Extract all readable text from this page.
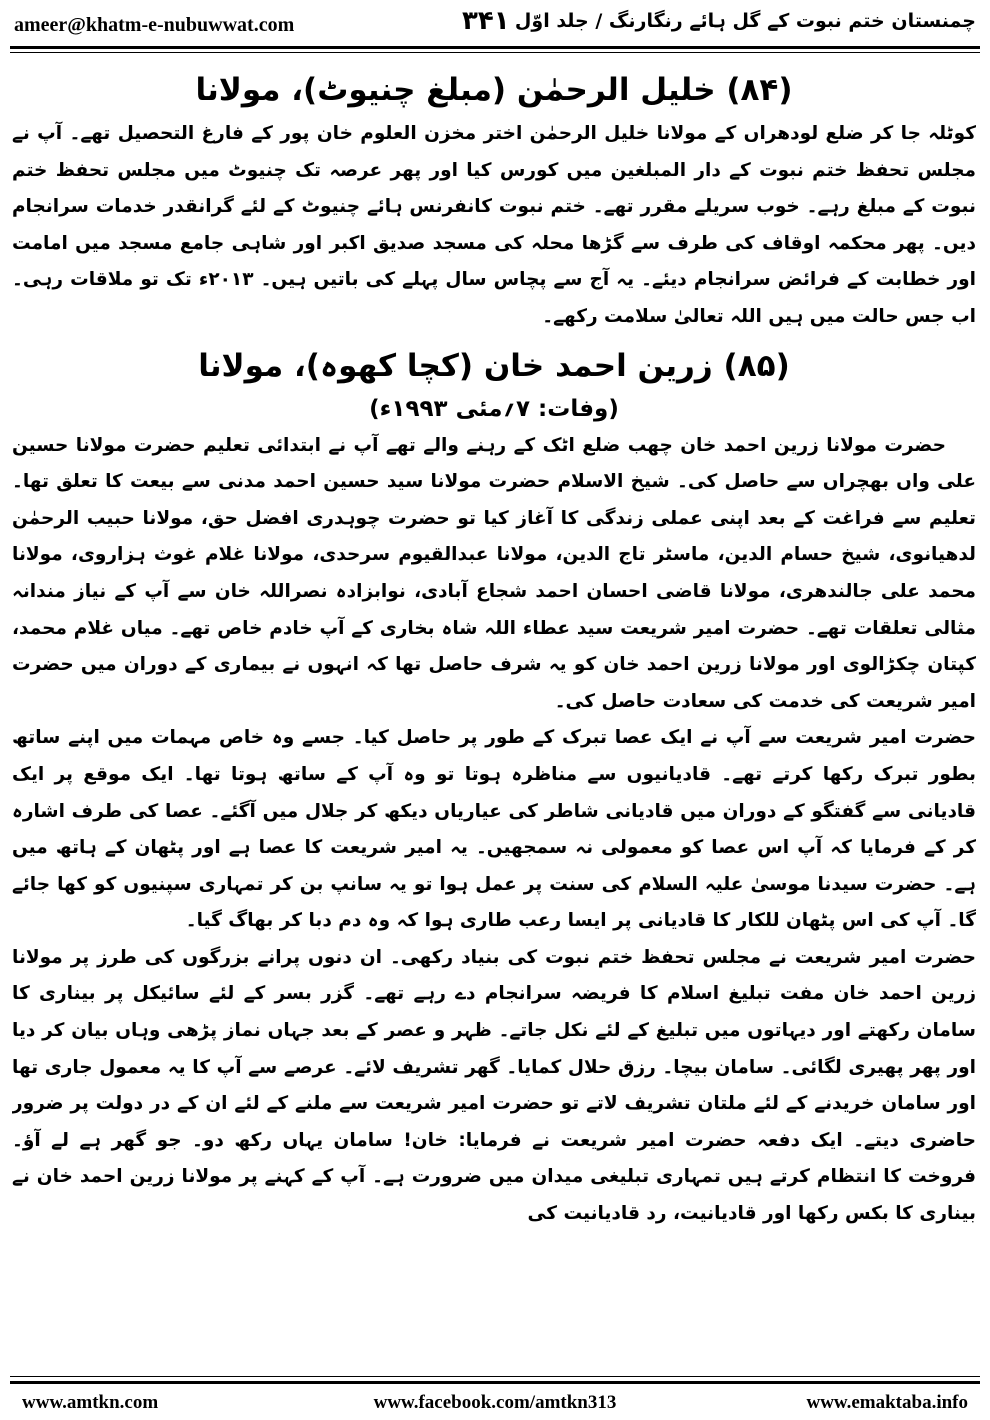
ameer@khatm-e-nubuwwat.com	۳۴۱ چمنستان ختم نبوت کے گل ہائے رنگارنگ / جلد اوّل
(۸۴) خلیل الرحمٰن (مبلغ چنیوٹ)، مولانا

کوٹلہ جا کر ضلع لودھراں کے مولانا خلیل الرحمٰن اختر مخزن العلوم خان پور کے فارغ التحصیل تھے۔ آپ نے مجلس تحفظ ختم نبوت کے دار المبلغین میں کورس کیا اور پھر عرصہ تک چنیوٹ میں مجلس تحفظ ختم نبوت کے مبلغ رہے۔ خوب سریلے مقرر تھے۔ ختم نبوت کانفرنس ہائے چنیوٹ کے لئے گرانقدر خدمات سرانجام دیں۔ پھر محکمہ اوقاف کی طرف سے گڑھا محلہ کی مسجد صدیق اکبر اور شاہی جامع مسجد میں امامت اور خطابت کے فرائض سرانجام دیئے۔ یہ آج سے پچاس سال پہلے کی باتیں ہیں۔ ۲۰۱۳ء تک تو ملاقات رہی۔ اب جس حالت میں ہیں اللہ تعالیٰ سلامت رکھے۔

(۸۵) زرین احمد خان (کچا کھوہ)، مولانا
(وفات: ۷؍مئی ۱۹۹۳ء)

حضرت مولانا زرین احمد خان چھب ضلع اٹک کے رہنے والے تھے آپ نے ابتدائی تعلیم حضرت مولانا حسین علی واں بھچراں سے حاصل کی۔ شیخ الاسلام حضرت مولانا سید حسین احمد مدنی سے بیعت کا تعلق تھا۔ تعلیم سے فراغت کے بعد اپنی عملی زندگی کا آغاز کیا تو حضرت چوہدری افضل حق، مولانا حبیب الرحمٰن لدھیانوی، شیخ حسام الدین، ماسٹر تاج الدین، مولانا عبدالقیوم سرحدی، مولانا غلام غوث ہزاروی، مولانا محمد علی جالندھری، مولانا قاضی احسان احمد شجاع آبادی، نوابزادہ نصراللہ خان سے آپ کے نیاز مندانہ مثالی تعلقات تھے۔ حضرت امیر شریعت سید عطاء اللہ شاہ بخاری کے آپ خادم خاص تھے۔ میاں غلام محمد، کپتان چکڑالوی اور مولانا زرین احمد خان کو یہ شرف حاصل تھا کہ انہوں نے بیماری کے دوران میں حضرت امیر شریعت کی خدمت کی سعادت حاصل کی۔

حضرت امیر شریعت سے آپ نے ایک عصا تبرک کے طور پر حاصل کیا۔ جسے وہ خاص مہمات میں اپنے ساتھ بطور تبرک رکھا کرتے تھے۔ قادیانیوں سے مناظرہ ہوتا تو وہ آپ کے ساتھ ہوتا تھا۔ ایک موقع پر ایک قادیانی سے گفتگو کے دوران میں قادیانی شاطر کی عیاریاں دیکھ کر جلال میں آگئے۔ عصا کی طرف اشارہ کر کے فرمایا کہ آپ اس عصا کو معمولی نہ سمجھیں۔ یہ امیر شریعت کا عصا ہے اور پٹھان کے ہاتھ میں ہے۔ حضرت سیدنا موسیٰ علیہ السلام کی سنت پر عمل ہوا تو یہ سانپ بن کر تمہاری سپنیوں کو کھا جائے گا۔ آپ کی اس پٹھان للکار کا قادیانی پر ایسا رعب طاری ہوا کہ وہ دم دبا کر بھاگ گیا۔

حضرت امیر شریعت نے مجلس تحفظ ختم نبوت کی بنیاد رکھی۔ ان دنوں پرانے بزرگوں کی طرز پر مولانا زرین احمد خان مفت تبلیغ اسلام کا فریضہ سرانجام دے رہے تھے۔ گزر بسر کے لئے سائیکل پر بیناری کا سامان رکھتے اور دیہاتوں میں تبلیغ کے لئے نکل جاتے۔ ظہر و عصر کے بعد جہاں نماز پڑھی وہاں بیان کر دیا اور پھر پھیری لگائی۔ سامان بیچا۔ رزق حلال کمایا۔ گھر تشریف لائے۔ عرصے سے آپ کا یہ معمول جاری تھا اور سامان خریدنے کے لئے ملتان تشریف لاتے تو حضرت امیر شریعت سے ملنے کے لئے ان کے در دولت پر ضرور حاضری دیتے۔ ایک دفعہ حضرت امیر شریعت نے فرمایا: خان! سامان یہاں رکھ دو۔ جو گھر ہے لے آؤ۔ فروخت کا انتظام کرتے ہیں تمہاری تبلیغی میدان میں ضرورت ہے۔ آپ کے کہنے پر مولانا زرین احمد خان نے بیناری کا بکس رکھا اور قادیانیت، رد قادیانیت کی

www.amtkn.com	www.facebook.com/amtkn313	www.emaktaba.info
